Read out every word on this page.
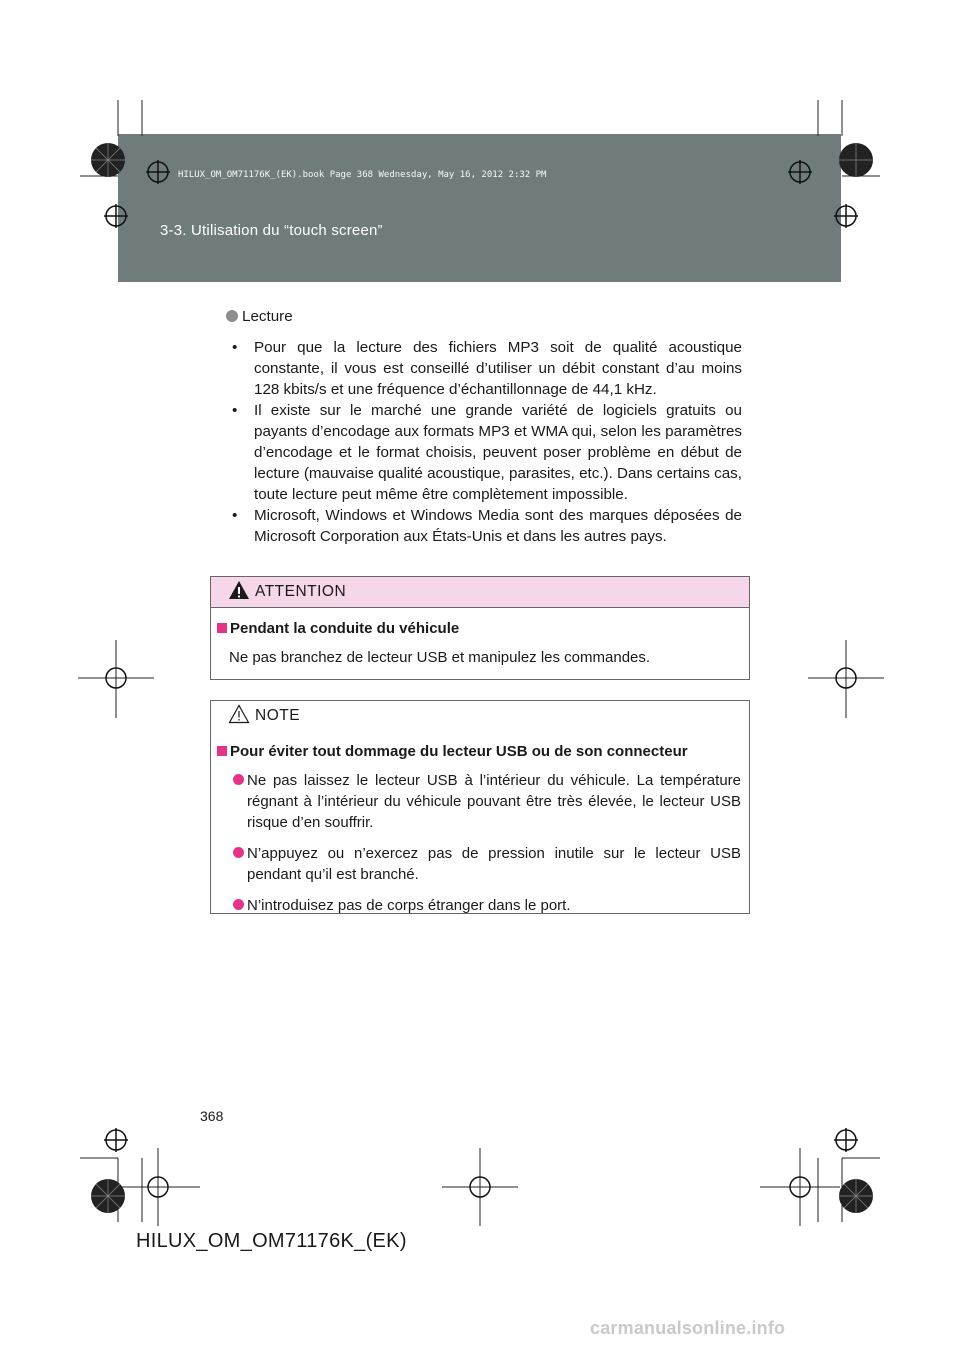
HILUX_OM_OM71176K_(EK).book Page 368 Wednesday, May 16, 2012 2:32 PM
3-3. Utilisation du “touch screen”
Lecture
• Pour que la lecture des fichiers MP3 soit de qualité acoustique constante, il vous est conseillé d’utiliser un débit constant d’au moins 128 kbits/s et une fréquence d’échantillonnage de 44,1 kHz.
• Il existe sur le marché une grande variété de logiciels gratuits ou payants d’encodage aux formats MP3 et WMA qui, selon les paramètres d’encodage et le format choisis, peuvent poser problème en début de lecture (mauvaise qualité acoustique, parasites, etc.). Dans certains cas, toute lecture peut même être complètement impossible.
• Microsoft, Windows et Windows Media sont des marques déposées de Microsoft Corporation aux États-Unis et dans les autres pays.
ATTENTION
Pendant la conduite du véhicule
Ne pas branchez de lecteur USB et manipulez les commandes.
NOTE
Pour éviter tout dommage du lecteur USB ou de son connecteur
Ne pas laissez le lecteur USB à l’intérieur du véhicule. La température régnant à l’intérieur du véhicule pouvant être très élevée, le lecteur USB risque d’en souffrir.
N’appuyez ou n’exercez pas de pression inutile sur le lecteur USB pendant qu’il est branché.
N’introduisez pas de corps étranger dans le port.
368
HILUX_OM_OM71176K_(EK)
carmanualsonline.info
